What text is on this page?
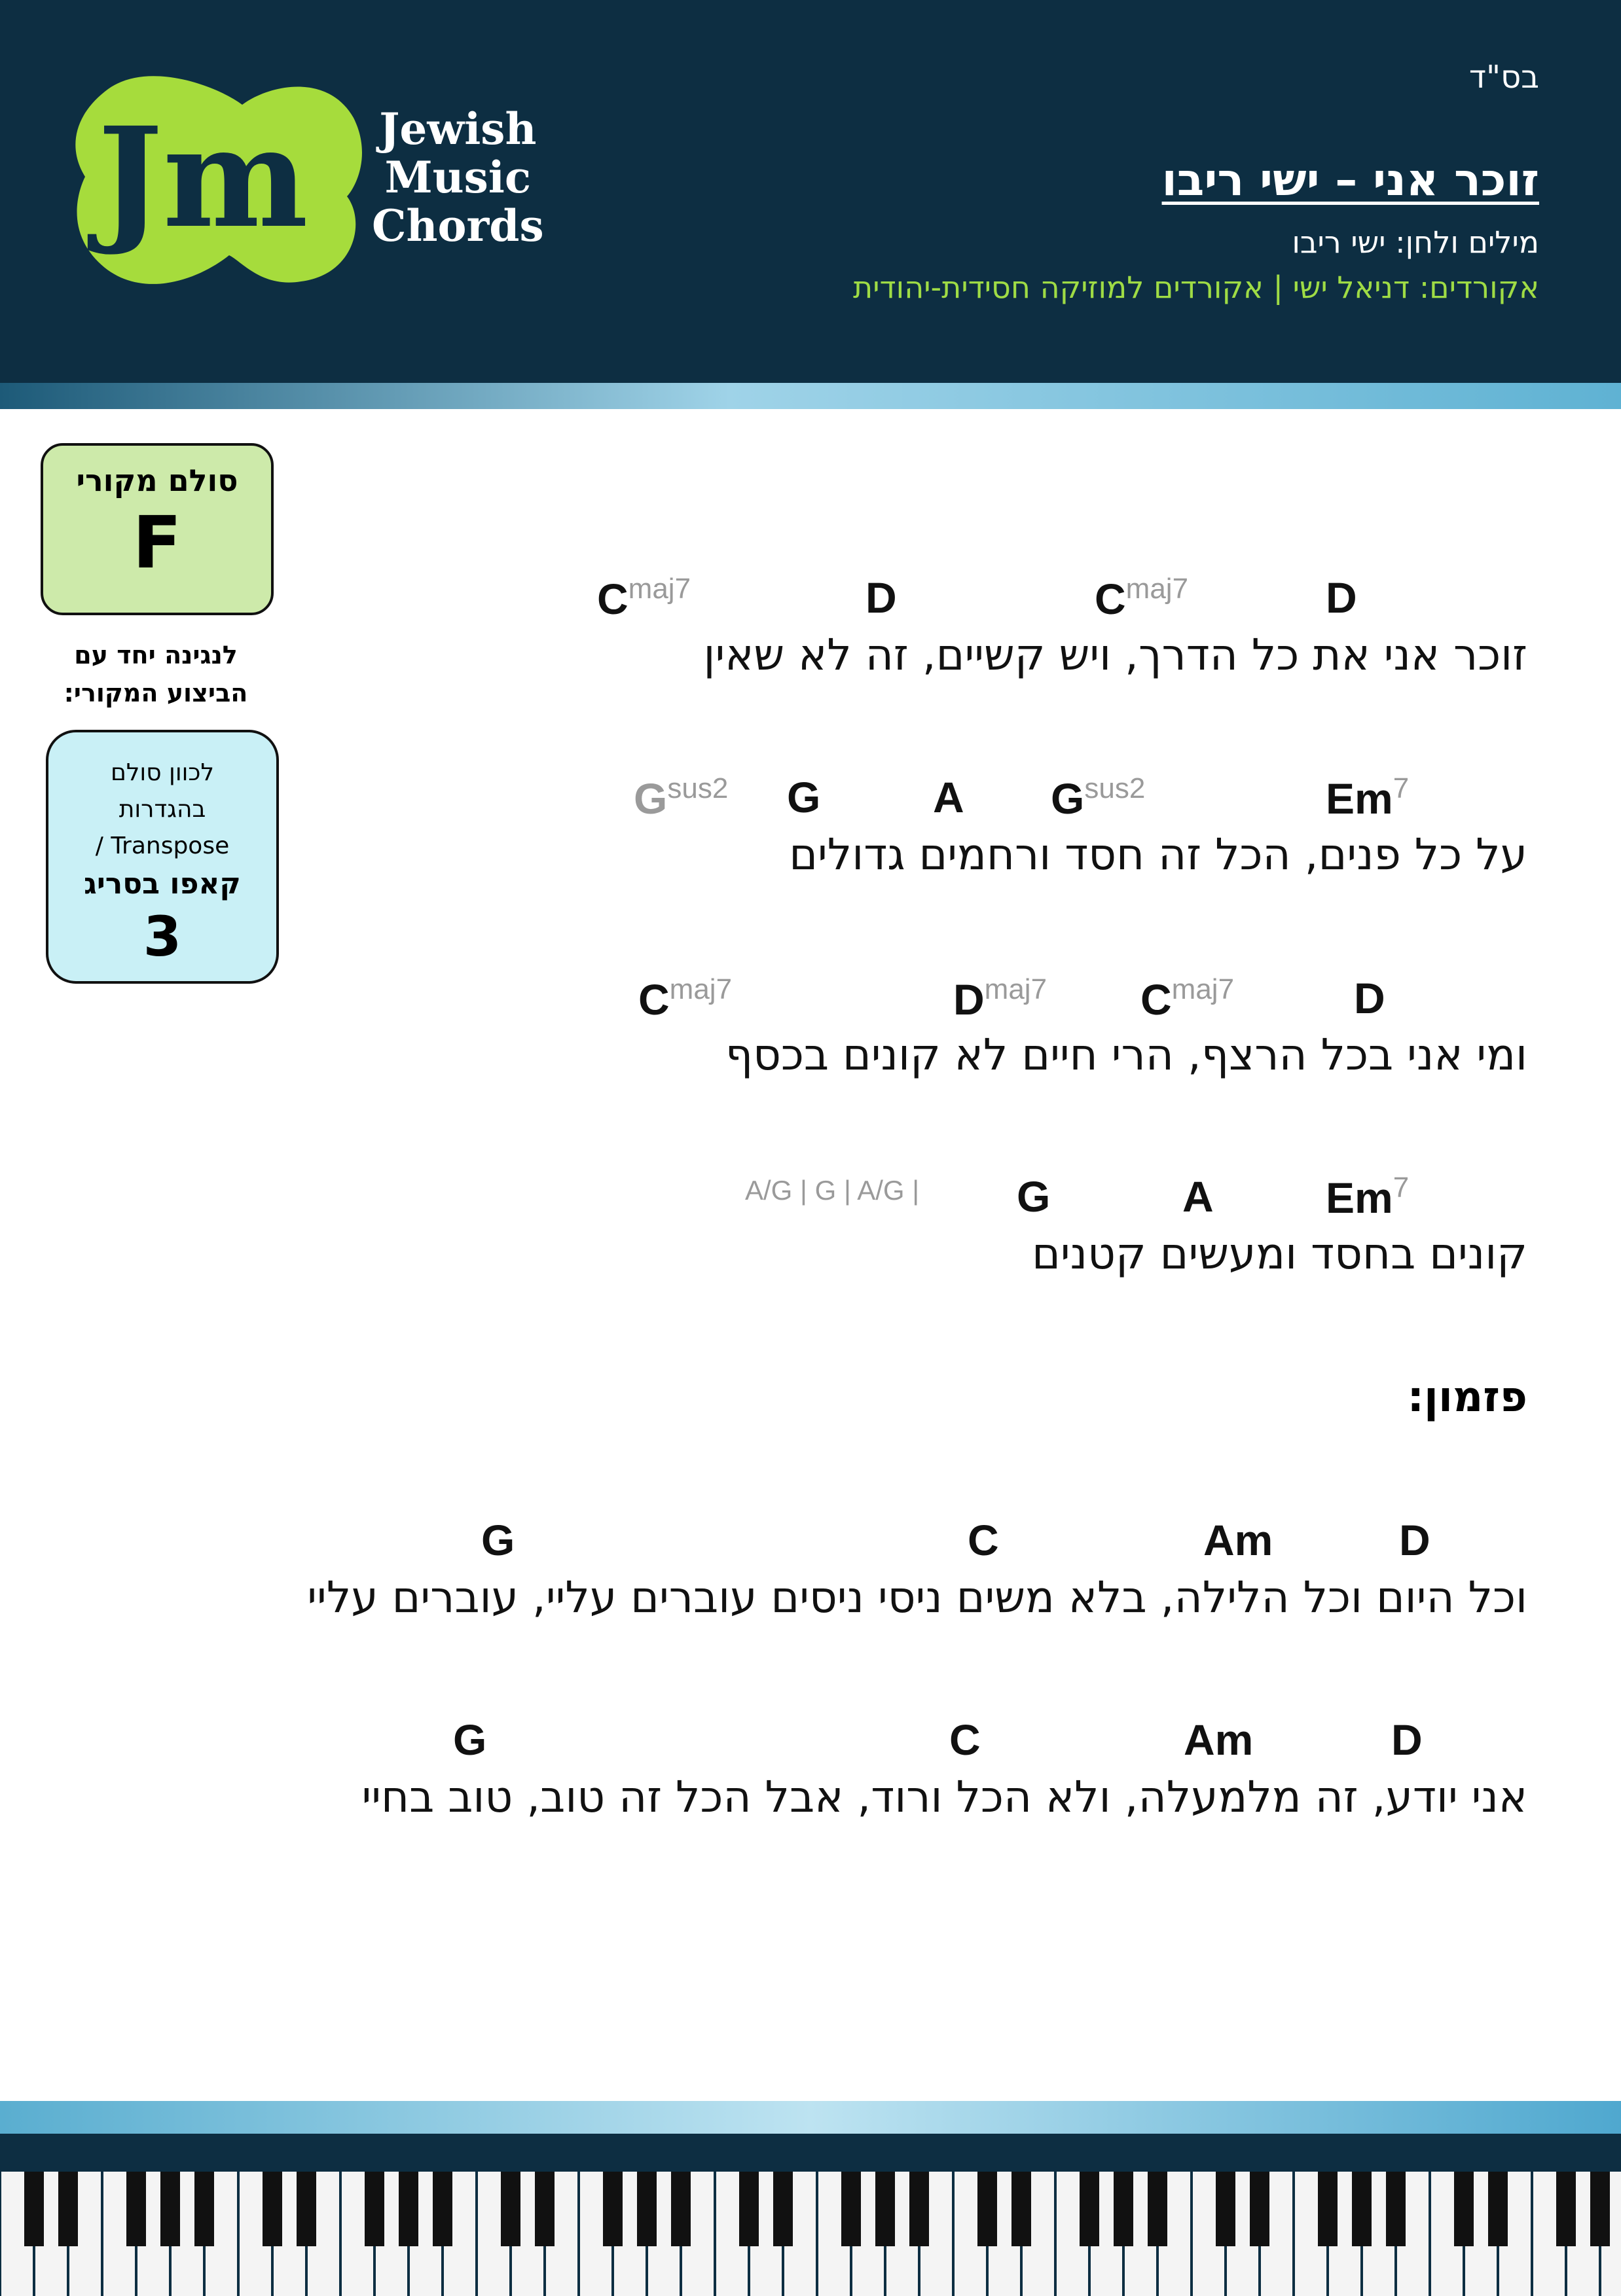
Jm Jewish
Music
Chords
בס"ד
זוכר אני – ישי ריבו
מילים ולחן: ישי ריבו
אקורדים: דניאל ישי | אקורדים למוזיקה חסידית-יהודית
סולם מקורי
F
לנגינה יחד עם
הביצוע המקורי:
לכוון סולם
בהגדרות
/ Transpose
קאפו בסריג
3
$C^{maj7}$	D	$C^{maj7}$	D
זוכר אני את כל הדרך, ויש קשיים, זה לא שאין
$G^{sus2}$ G	A $G^{sus2}$	Em$^7$
על כל פנים, הכל זה חסד ורחמים גדולים
$C^{maj7}$	$D^{maj7}$ $C^{maj7}$	D
ומי אני בכל הרצף, הרי חיים לא קונים בכסף
A/G | G | A/G | G	A	Em$^7$
קונים בחסד ומעשים קטנים
פזמון:
G	C	Am	D
וכל היום וכל הלילה, בלא משים ניסי ניסים עוברים עליי, עוברים עליי
G	C	Am	D
אני יודע, זה מלמעלה, ולא הכל ורוד, אבל הכל זה טוב, טוב בחיי
